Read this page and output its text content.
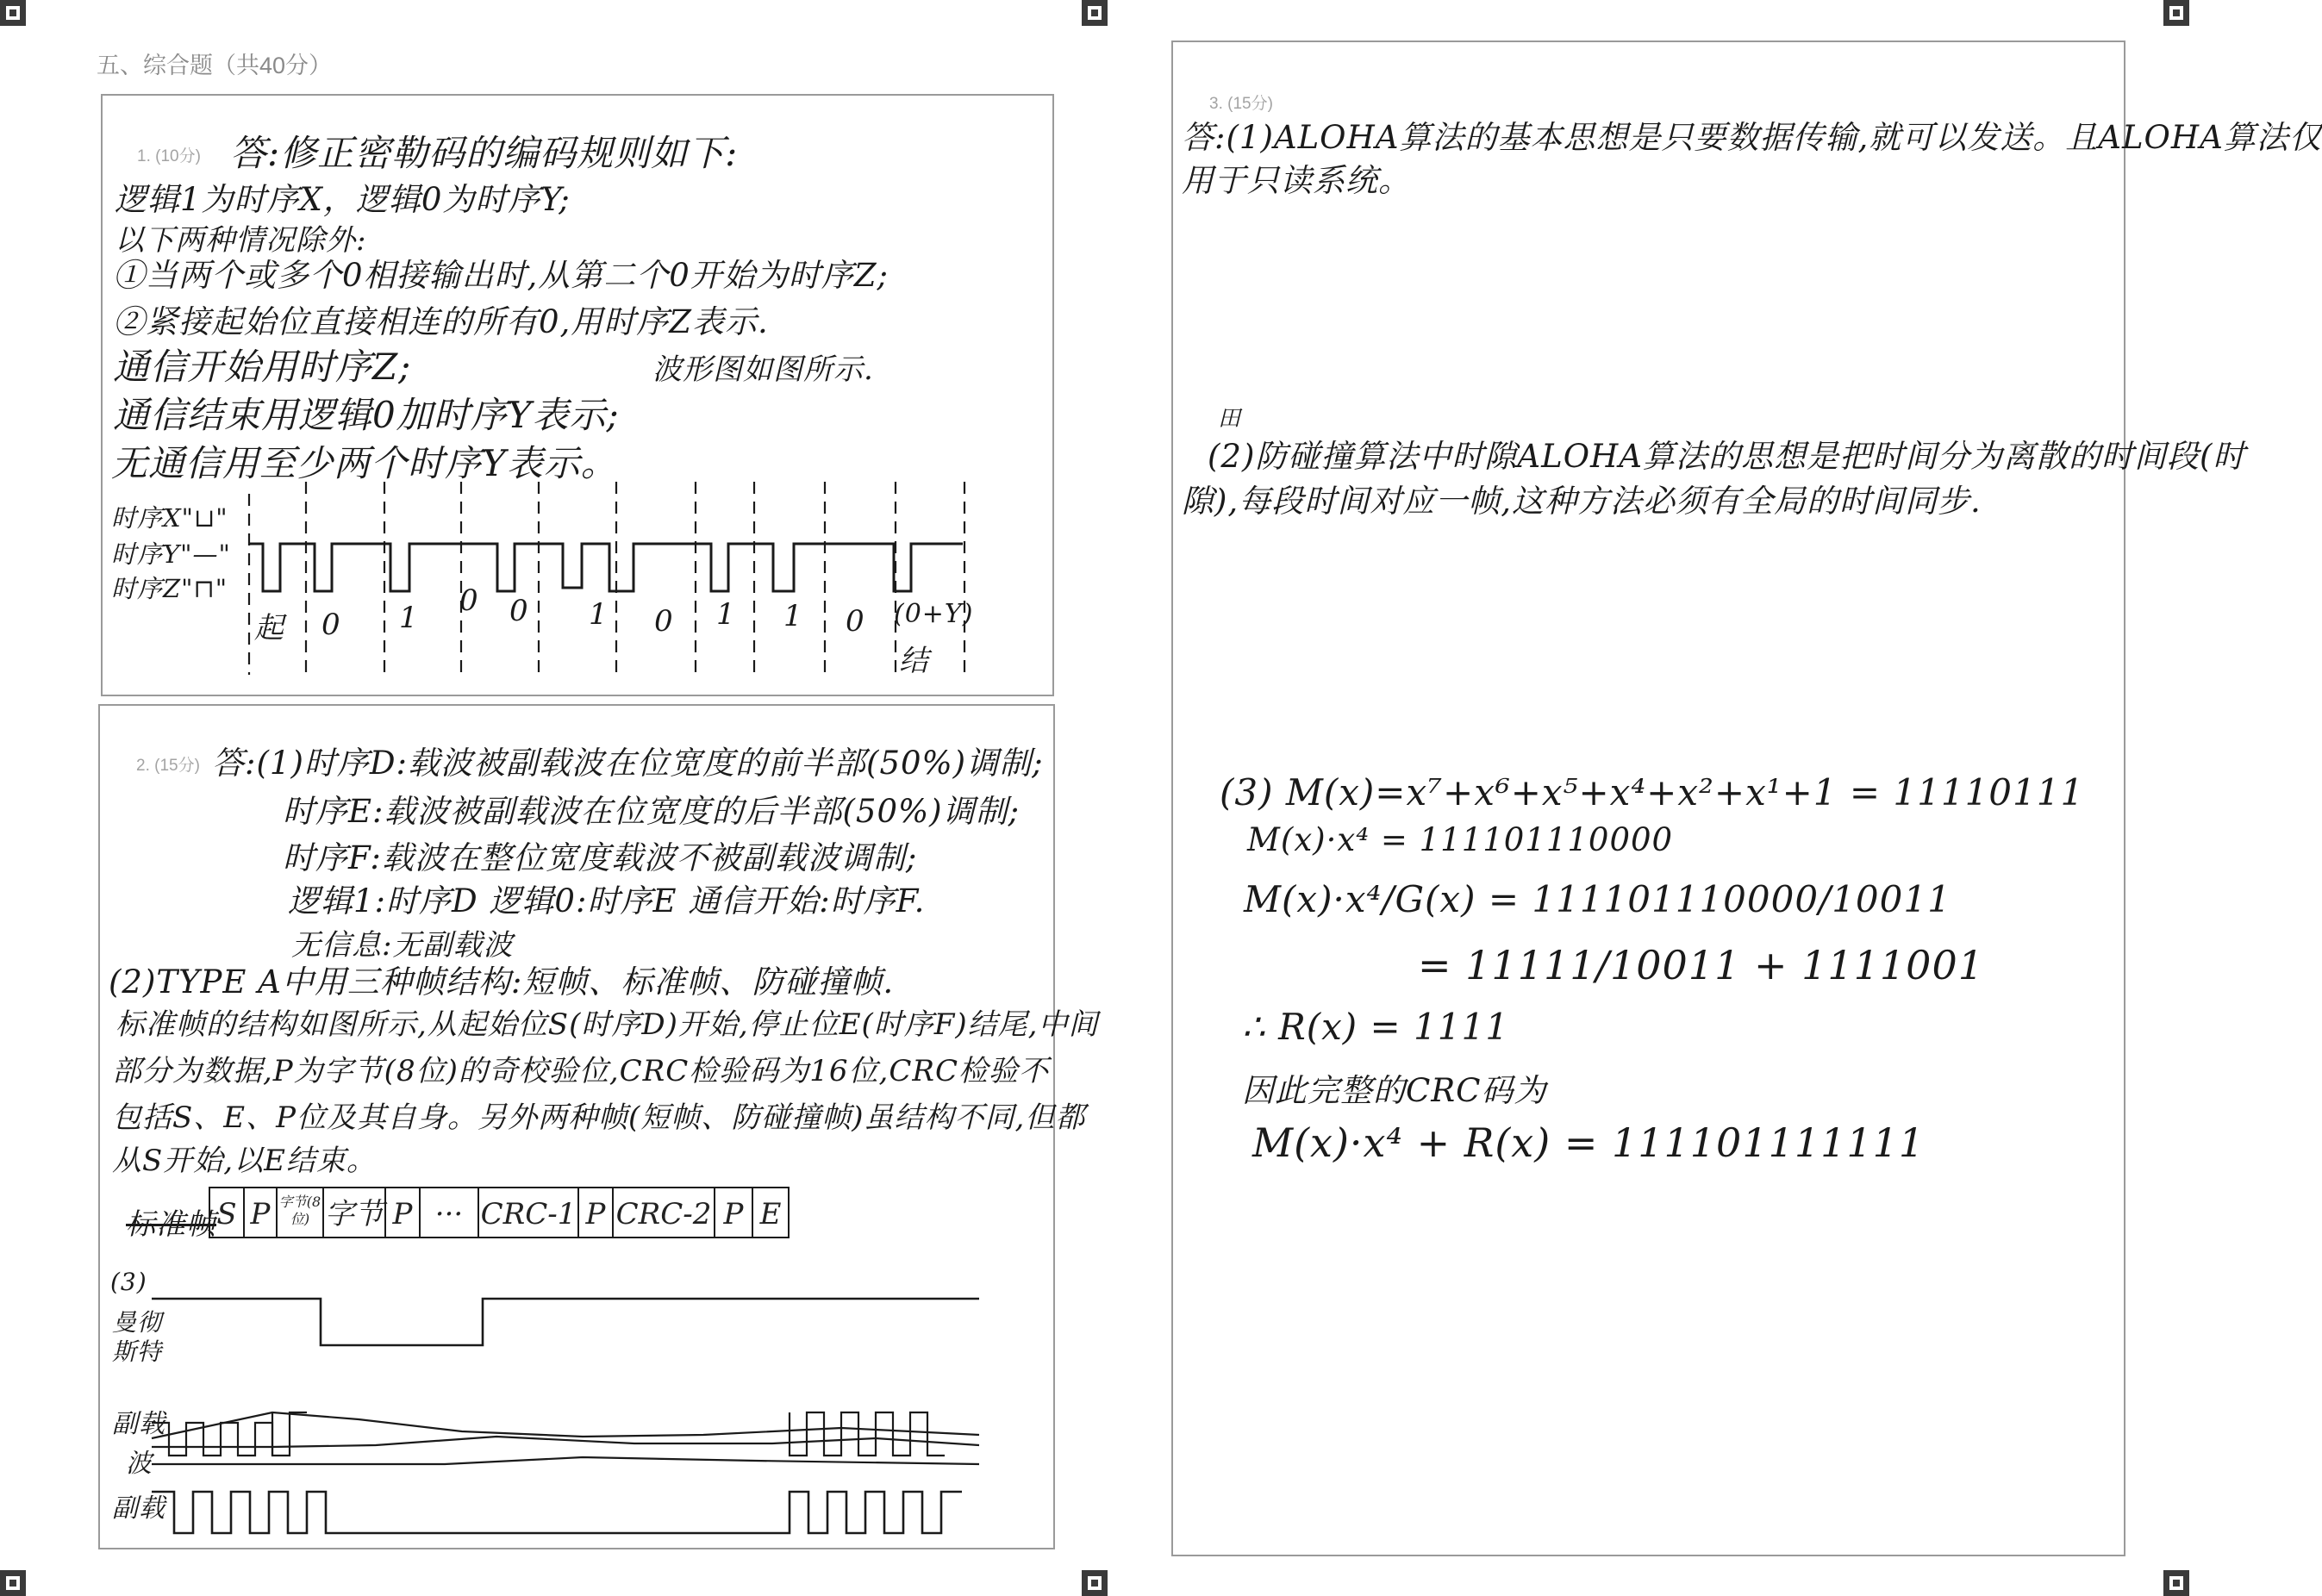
五、综合题（共40分）
1. (10分) 答:修正密勒码的编码规则如下:
逻辑1为时序X，逻辑0为时序Y;
以下两种情况除外:
①当两个或多个0相接输出时,从第二个0开始为时序Z;
②紧接起始位直接相连的所有0,用时序Z表示.
通信开始用时序Z;	波形图如图所示.
通信结束用逻辑0加时序Y表示;
无通信用至少两个时序Y表示。
时序X"⊔"
时序Y"—"
时序Z"⊓"
起 0 1 0 0 1 0 1 1 0 (0+Y)
结
2. (15分) 答:(1)时序D:载波被副载波在位宽度的前半部(50%)调制;
时序E:载波被副载波在位宽度的后半部(50%)调制;
时序F:载波在整位宽度载波不被副载波调制;
逻辑1:时序D 逻辑0:时序E 通信开始:时序F.
无信息:无副载波
(2)TYPE A中用三种帧结构:短帧、标准帧、防碰撞帧.
标准帧的结构如图所示,从起始位S(时序D)开始,停止位E(时序F)结尾,中间
部分为数据,P为字节(8位)的奇校验位,CRC检验码为16位,CRC检验不
包括S、E、P位及其自身。另外两种帧(短帧、防碰撞帧)虽结构不同,但都
从S开始,以E结束。
标准帧 S P 字节(8位) 字节 P ··· CRC-1 P CRC-2 P E
(3)
曼彻
斯特
副载
波
副载
3. (15分)
答:(1)ALOHA算法的基本思想是只要数据传输,就可以发送。且ALOHA算法仅
用于只读系统。
田
(2)防碰撞算法中时隙ALOHA算法的思想是把时间分为离散的时间段(时
隙),每段时间对应一帧,这种方法必须有全局的时间同步.
(3) M(x)=x⁷+x⁶+x⁵+x⁴+x²+x¹+1 = 11110111
M(x)·x⁴ = 111101110000
M(x)·x⁴/G(x) = 111101110000/10011
= 11111/10011 + 1111001
∴ R(x) = 1111
因此完整的CRC码为
M(x)·x⁴ + R(x) = 111101111111
